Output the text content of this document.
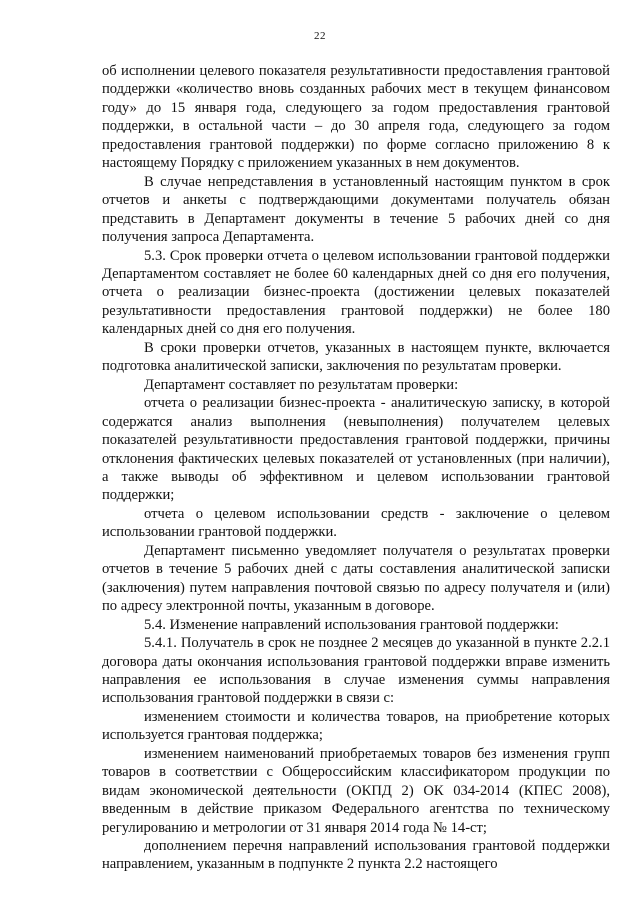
22

об исполнении целевого показателя результативности предоставления грантовой поддержки «количество вновь созданных рабочих мест в текущем финансовом году» до 15 января года, следующего за годом предоставления грантовой поддержки, в остальной части – до 30 апреля года, следующего за годом предоставления грантовой поддержки) по форме согласно приложению 8 к настоящему Порядку с приложением указанных в нем документов.

В случае непредставления в установленный настоящим пунктом в срок отчетов и анкеты с подтверждающими документами получатель обязан представить в Департамент документы в течение 5 рабочих дней со дня получения запроса Департамента.

5.3. Срок проверки отчета о целевом использовании грантовой поддержки Департаментом составляет не более 60 календарных дней со дня его получения, отчета о реализации бизнес-проекта (достижении целевых показателей результативности предоставления грантовой поддержки) не более 180 календарных дней со дня его получения.

В сроки проверки отчетов, указанных в настоящем пункте, включается подготовка аналитической записки, заключения по результатам проверки.

Департамент составляет по результатам проверки:

отчета о реализации бизнес-проекта - аналитическую записку, в которой содержатся анализ выполнения (невыполнения) получателем целевых показателей результативности предоставления грантовой поддержки, причины отклонения фактических целевых показателей от установленных (при наличии), а также выводы об эффективном и целевом использовании грантовой поддержки;

отчета о целевом использовании средств - заключение о целевом использовании грантовой поддержки.

Департамент письменно уведомляет получателя о результатах проверки отчетов в течение 5 рабочих дней с даты составления аналитической записки (заключения) путем направления почтовой связью по адресу получателя и (или) по адресу электронной почты, указанным в договоре.

5.4. Изменение направлений использования грантовой поддержки:

5.4.1. Получатель в срок не позднее 2 месяцев до указанной в пункте 2.2.1 договора даты окончания использования грантовой поддержки вправе изменить направления ее использования в случае изменения суммы направления использования грантовой поддержки в связи с:

изменением стоимости и количества товаров, на приобретение которых используется грантовая поддержка;

изменением наименований приобретаемых товаров без изменения групп товаров в соответствии с Общероссийским классификатором продукции по видам экономической деятельности (ОКПД 2) ОК 034-2014 (КПЕС 2008), введенным в действие приказом Федерального агентства по техническому регулированию и метрологии от 31 января 2014 года № 14-ст;

дополнением перечня направлений использования грантовой поддержки направлением, указанным в подпункте 2 пункта 2.2 настоящего
